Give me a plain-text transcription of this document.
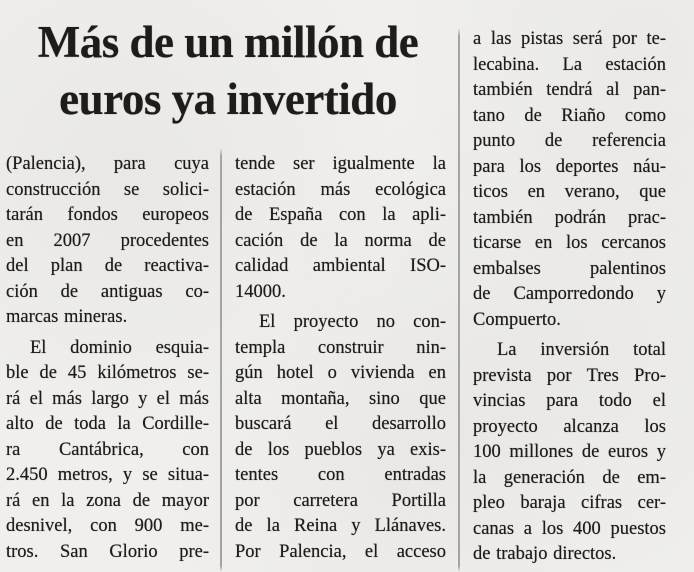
Más de un millón de
euros ya invertido
(Palencia), para cuya
construcción se solici-
tarán fondos europeos
en 2007 procedentes
del plan de reactiva-
ción de antiguas co-
marcas mineras.
El dominio esquia-
ble de 45 kilómetros se-
rá el más largo y el más
alto de toda la Cordille-
ra Cantábrica, con
2.450 metros, y se situa-
rá en la zona de mayor
desnivel, con 900 me-
tros. San Glorio pre-
tende ser igualmente la
estación más ecológica
de España con la apli-
cación de la norma de
calidad ambiental ISO-
14000.
El proyecto no con-
templa construir nin-
gún hotel o vivienda en
alta montaña, sino que
buscará el desarrollo
de los pueblos ya exis-
tentes con entradas
por carretera Portilla
de la Reina y Llánaves.
Por Palencia, el acceso
a las pistas será por te-
lecabina. La estación
también tendrá al pan-
tano de Riaño como
punto de referencia
para los deportes náu-
ticos en verano, que
también podrán prac-
ticarse en los cercanos
embalses palentinos
de Camporredondo y
Compuerto.
La inversión total
prevista por Tres Pro-
vincias para todo el
proyecto alcanza los
100 millones de euros y
la generación de em-
pleo baraja cifras cer-
canas a los 400 puestos
de trabajo directos.
